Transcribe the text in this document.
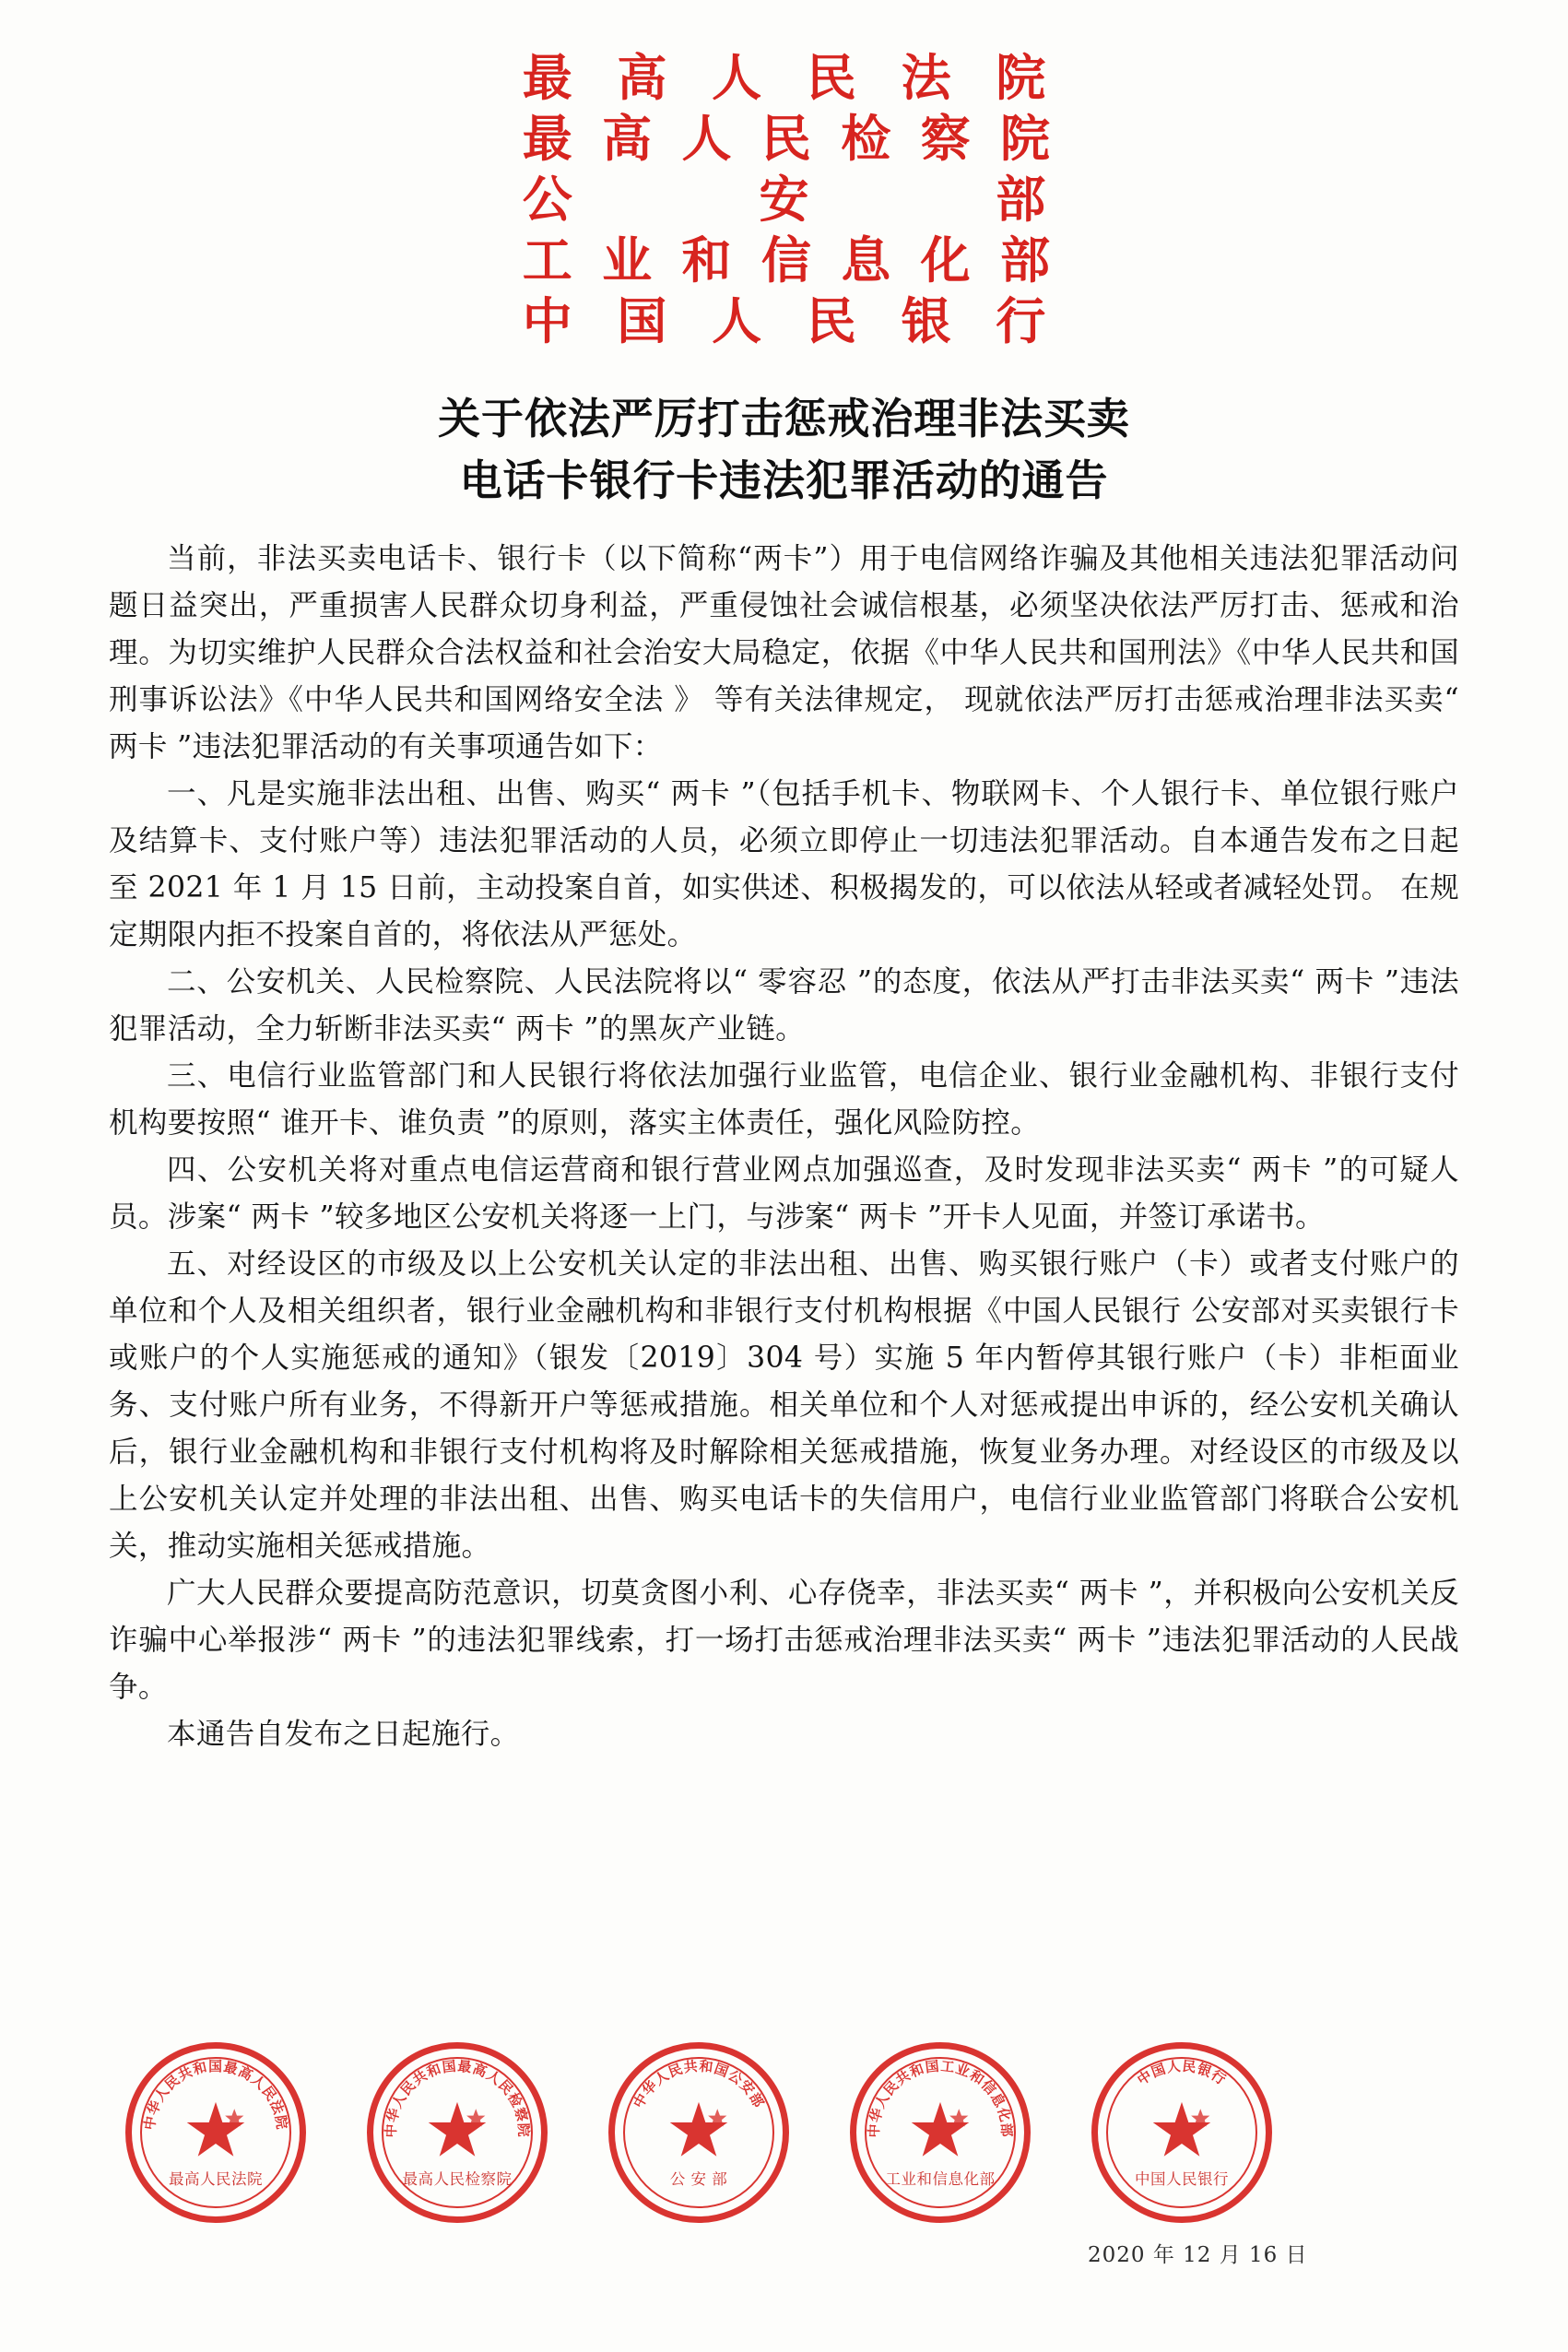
最 高 人 民 法 院
最 高 人 民 检 察 院
公	安	部
工 业 和 信 息 化 部
中 国 人 民 银 行
关于依法严厉打击惩戒治理非法买卖
电话卡银行卡违法犯罪活动的通告

当前，非法买卖电话卡、银行卡（以下简称“两卡”）用于电信网络诈骗及其他相关违法犯罪活动问题日益突出，严重损害人民群众切身利益，严重侵蚀社会诚信根基，必须坚决依法严厉打击、惩戒和治理。为切实维护人民群众合法权益和社会治安大局稳定，依据《中华人民共和国刑法》《中华人民共和国刑事诉讼法》《中华人民共和国网络安全法 》 等有关法律规定， 现就依法严厉打击惩戒治理非法买卖“ 两卡 ”违法犯罪活动的有关事项通告如下：

一、凡是实施非法出租、出售、购买“ 两卡 ”（包括手机卡、物联网卡、个人银行卡、单位银行账户及结算卡、支付账户等）违法犯罪活动的人员，必须立即停止一切违法犯罪活动。自本通告发布之日起至 2021 年 1 月 15 日前，主动投案自首，如实供述、积极揭发的，可以依法从轻或者减轻处罚。 在规定期限内拒不投案自首的，将依法从严惩处。

二、公安机关、人民检察院、人民法院将以“ 零容忍 ”的态度，依法从严打击非法买卖“ 两卡 ”违法犯罪活动，全力斩断非法买卖“ 两卡 ”的黑灰产业链。

三、电信行业监管部门和人民银行将依法加强行业监管，电信企业、银行业金融机构、非银行支付机构要按照“ 谁开卡、谁负责 ”的原则，落实主体责任，强化风险防控。

四、公安机关将对重点电信运营商和银行营业网点加强巡查，及时发现非法买卖“ 两卡 ”的可疑人员。涉案“ 两卡 ”较多地区公安机关将逐一上门，与涉案“ 两卡 ”开卡人见面，并签订承诺书。

五、对经设区的市级及以上公安机关认定的非法出租、出售、购买银行账户（卡）或者支付账户的单位和个人及相关组织者，银行业金融机构和非银行支付机构根据《中国人民银行 公安部对买卖银行卡或账户的个人实施惩戒的通知》（银发〔2019〕304 号）实施 5 年内暂停其银行账户（卡）非柜面业务、支付账户所有业务，不得新开户等惩戒措施。相关单位和个人对惩戒提出申诉的，经公安机关确认后，银行业金融机构和非银行支付机构将及时解除相关惩戒措施，恢复业务办理。对经设区的市级及以上公安机关认定并处理的非法出租、出售、购买电话卡的失信用户，电信行业业监管部门将联合公安机关，推动实施相关惩戒措施。

广大人民群众要提高防范意识，切莫贪图小利、心存侥幸，非法买卖“ 两卡 ”，并积极向公安机关反诈骗中心举报涉“ 两卡 ”的违法犯罪线索，打一场打击惩戒治理非法买卖“ 两卡 ”违法犯罪活动的人民战争。

本通告自发布之日起施行。

中华人民共和国最高人民法院
最高人民法院
中华人民共和国最高人民检察院
最高人民检察院
中华人民共和国公安部
公 安 部
中华人民共和国工业和信息化部
工业和信息化部
中国人民银行
中国人民银行
2020 年 12 月 16 日
